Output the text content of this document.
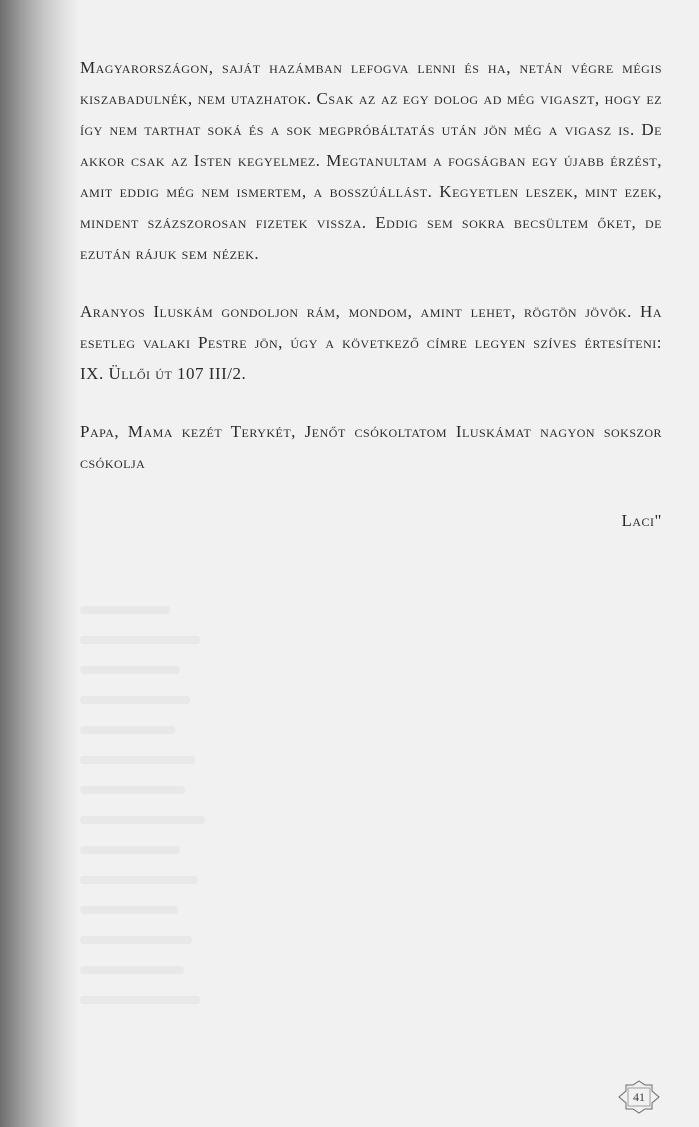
Magyarországon, saját hazámban lefogva lenni és ha, netán végre mégis kiszabadulnék, nem utazhatok. Csak az az egy dolog ad még vigaszt, hogy ez így nem tarthat soká és a sok megpróbáltatás után jön még a vigasz is. De akkor csak az Isten kegyelmez. Megtanultam a fogságban egy újabb érzést, amit eddig még nem ismertem, a bosszúállást. Kegyetlen leszek, mint ezek, mindent százszorosan fizetek vissza. Eddig sem sokra becsültem őket, de ezután rájuk sem nézek.

Aranyos Iluskám gondoljon rám, mondom, amint lehet, rögtön jövök. Ha esetleg valaki Pestre jön, úgy a következő címre legyen szíves értesíteni: IX. Üllői út 107 III/2.

Papa, Mama kezét Terykét, Jenőt csókoltatom Iluskámat nagyon sokszor csókolja

Laci"
41
